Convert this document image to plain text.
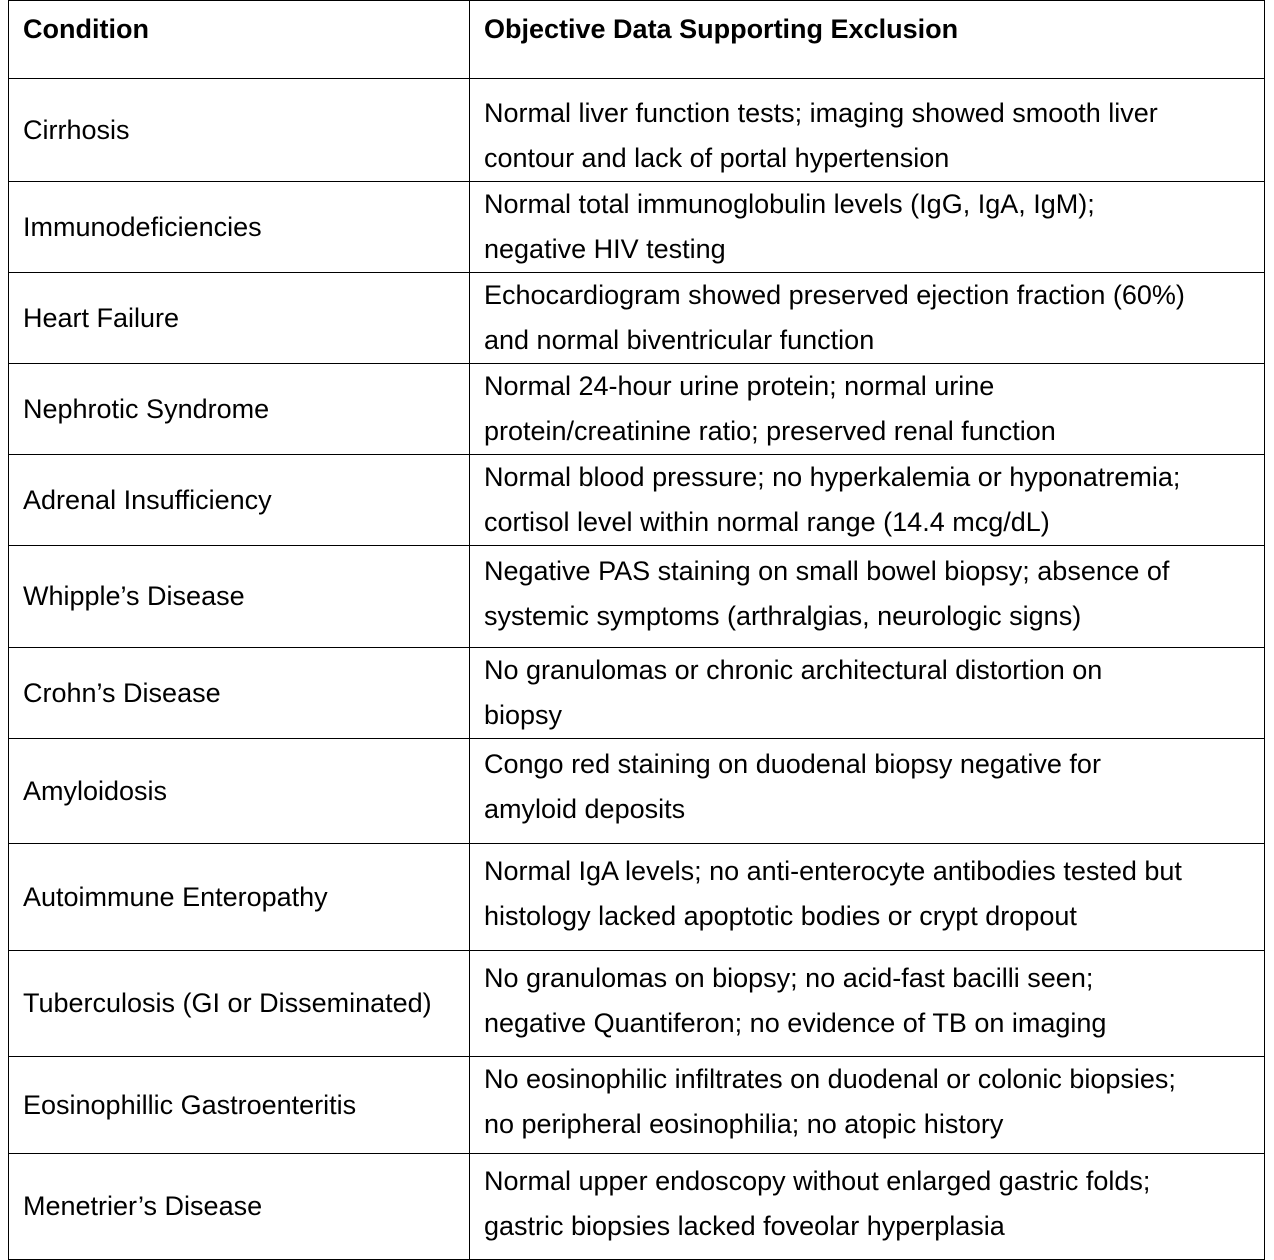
Condition	Objective Data Supporting Exclusion
Cirrhosis	Normal liver function tests; imaging showed smooth liver
contour and lack of portal hypertension

Immunodeficiencies	Normal total immunoglobulin levels (IgG, IgA, IgM);
negative HIV testing

Heart Failure	Echocardiogram showed preserved ejection fraction (60%)
and normal biventricular function

Nephrotic Syndrome	Normal 24-hour urine protein; normal urine
protein/creatinine ratio; preserved renal function

Adrenal Insufficiency	Normal blood pressure; no hyperkalemia or hyponatremia;
cortisol level within normal range (14.4 mcg/dL)

Whipple’s Disease	Negative PAS staining on small bowel biopsy; absence of
systemic symptoms (arthralgias, neurologic signs)

Crohn’s Disease	No granulomas or chronic architectural distortion on
biopsy

Amyloidosis	Congo red staining on duodenal biopsy negative for
amyloid deposits

Autoimmune Enteropathy	Normal IgA levels; no anti-enterocyte antibodies tested but
histology lacked apoptotic bodies or crypt dropout

Tuberculosis (GI or Disseminated)	No granulomas on biopsy; no acid-fast bacilli seen;
negative Quantiferon; no evidence of TB on imaging

Eosinophillic Gastroenteritis	No eosinophilic infiltrates on duodenal or colonic biopsies;
no peripheral eosinophilia; no atopic history

Menetrier’s Disease	Normal upper endoscopy without enlarged gastric folds;
gastric biopsies lacked foveolar hyperplasia
